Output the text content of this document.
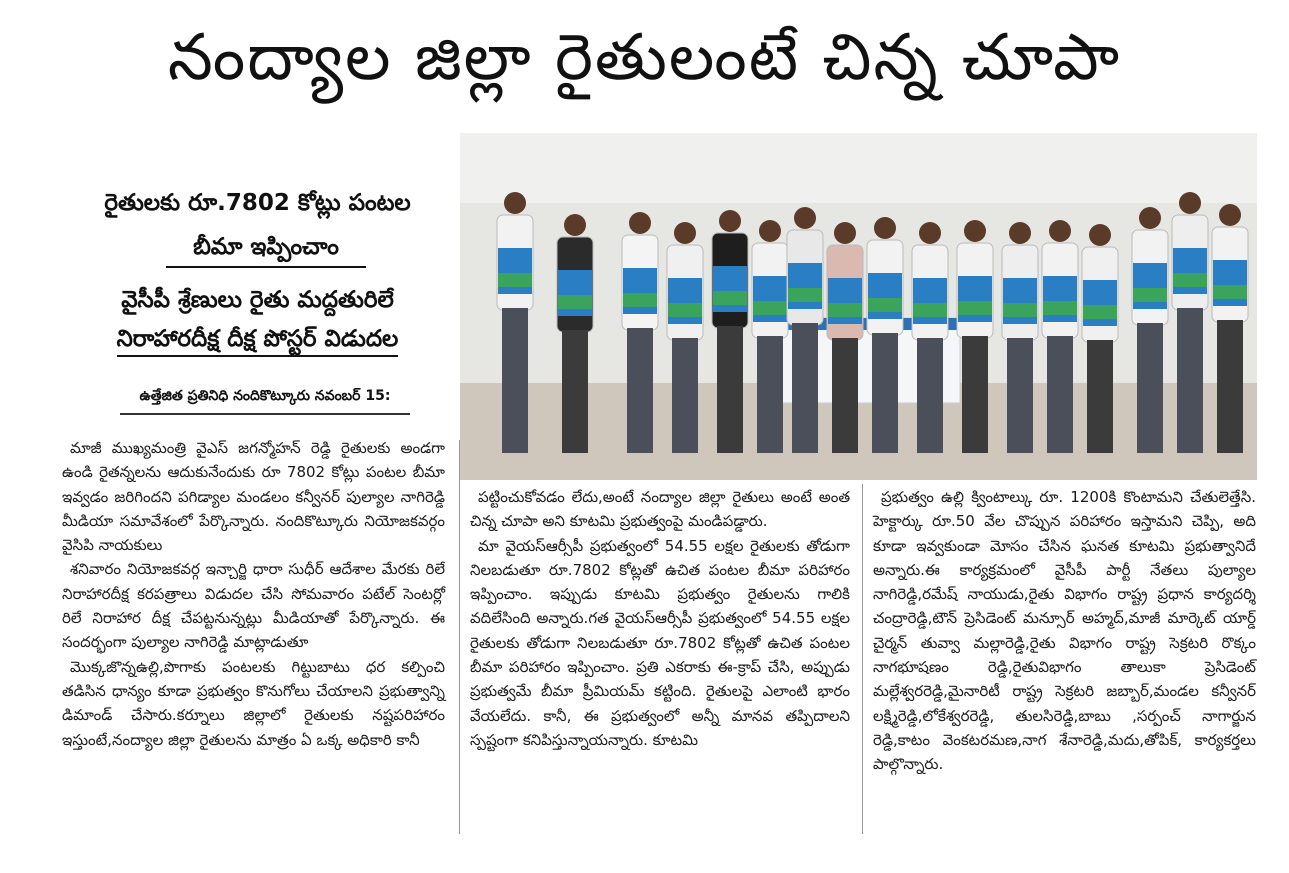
నంద్యాల జిల్లా రైతులంటే చిన్న చూపా
రైతులకు రూ.7802 కోట్లు పంటల
బీమా ఇప్పించాం
వైసీపీ శ్రేణులు రైతు మద్దతురిలే
నిరాహారదీక్ష దీక్ష పోస్టర్ విడుదల
ఉత్తేజిత ప్రతినిధి నందికొట్కూరు నవంబర్ 15:

మాజీ ముఖ్యమంత్రి వైఎస్ జగన్మోహన్ రెడ్డి రైతులకు అండగా ఉండి రైతన్నలను ఆదుకునేందుకు రూ 7802 కోట్లు పంటల బీమా ఇవ్వడం జరిగిందని పగిడ్యాల మండలం కన్వీనర్ పుల్యాల నాగిరెడ్డి మీడియా సమావేశంలో పేర్కొన్నారు. నందికొట్కూరు నియోజకవర్గం వైసిపి నాయకులు

శనివారం నియోజకవర్గ ఇన్చార్జి ధారా సుధీర్ ఆదేశాల మేరకు రిలే నిరాహారదీక్ష కరపత్రాలు విడుదల చేసి సోమవారం పటేల్ సెంటర్లో రిలే నిరాహార దీక్ష చేపట్టనున్నట్లు మీడియాతో పేర్కొన్నారు. ఈ సందర్భంగా పుల్యాల నాగిరెడ్డి మాట్లాడుతూ

మొక్కజొన్నఉల్లి,పొగాకు పంటలకు గిట్టుబాటు ధర కల్పించి తడిసిన ధాన్యం కూడా ప్రభుత్వం కొనుగోలు చేయాలని ప్రభుత్వాన్ని డిమాండ్ చేసారు.కర్నూలు జిల్లాలో రైతులకు నష్టపరిహారం ఇస్తుంటే,నంద్యాల జిల్లా రైతులను మాత్రం ఏ ఒక్క అధికారి కానీ

పట్టించుకోవడం లేదు,అంటే నంద్యాల జిల్లా రైతులు అంటే అంత చిన్న చూపా అని కూటమి ప్రభుత్వంపై మండిపడ్డారు.

మా వైయస్ఆర్సీపీ ప్రభుత్వంలో 54.55 లక్షల రైతులకు తోడుగా నిలబడుతూ రూ.7802 కోట్లతో ఉచిత పంటల బీమా పరిహారం ఇప్పించాం. ఇప్పుడు కూటమి ప్రభుత్వం రైతులను గాలికి వదిలేసింది అన్నారు.గత వైయస్ఆర్సీపీ ప్రభుత్వంలో 54.55 లక్షల రైతులకు తోడుగా నిలబడుతూ రూ.7802 కోట్లతో ఉచిత పంటల బీమా పరిహారం ఇప్పించాం. ప్రతి ఎకరాకు ఈ-క్రాప్ చేసి, అప్పుడు ప్రభుత్వమే బీమా ప్రీమియమ్ కట్టింది. రైతులపై ఎలాంటి భారం వేయలేదు. కానీ, ఈ ప్రభుత్వంలో అన్నీ మానవ తప్పిదాలని స్పష్టంగా కనిపిస్తున్నాయన్నారు. కూటమి

ప్రభుత్వం ఉల్లి క్వింటాల్కు రూ. 1200కి కొంటామని చేతులెత్తేసి. హెక్టార్కు రూ.50 వేల చొప్పున పరిహారం ఇస్తామని చెప్పి, అది కూడా ఇవ్వకుండా మోసం చేసిన ఘనత కూటమి ప్రభుత్వానిదే అన్నారు.ఈ కార్యక్రమంలో వైసీపీ పార్టీ నేతలు పుల్యాల నాగిరెడ్డి,రమేష్ నాయుడు,రైతు విభాగం రాష్ట్ర ప్రధాన కార్యదర్శి చంద్రారెడ్డి,టౌన్ ప్రెసిడెంట్ మన్సూర్ అహ్మద్,మాజీ మార్కెట్ యార్డ్ చైర్మన్ తువ్వా మల్లారెడ్డి,రైతు విభాగం రాష్ట్ర సెక్రటరి రొక్కం నాగభూషణం రెడ్డి,రైతువిభాగం తాలుకా ప్రెసిడెంట్ మల్లేశ్వరరెడ్డి,మైనారిటీ రాష్ట్ర సెక్రటరి జబ్బార్,మండల కన్వీనర్ లక్ష్మిరెడ్డి,లోకేశ్వరరెడ్డి, తులసిరెడ్డి,బాబు ,సర్పంచ్ నాగార్జున రెడ్డి,కాటం వెంకటరమణ,నాగ శేనారెడ్డి,మదు,తోపిక్, కార్యకర్తలు పాల్గొన్నారు.
